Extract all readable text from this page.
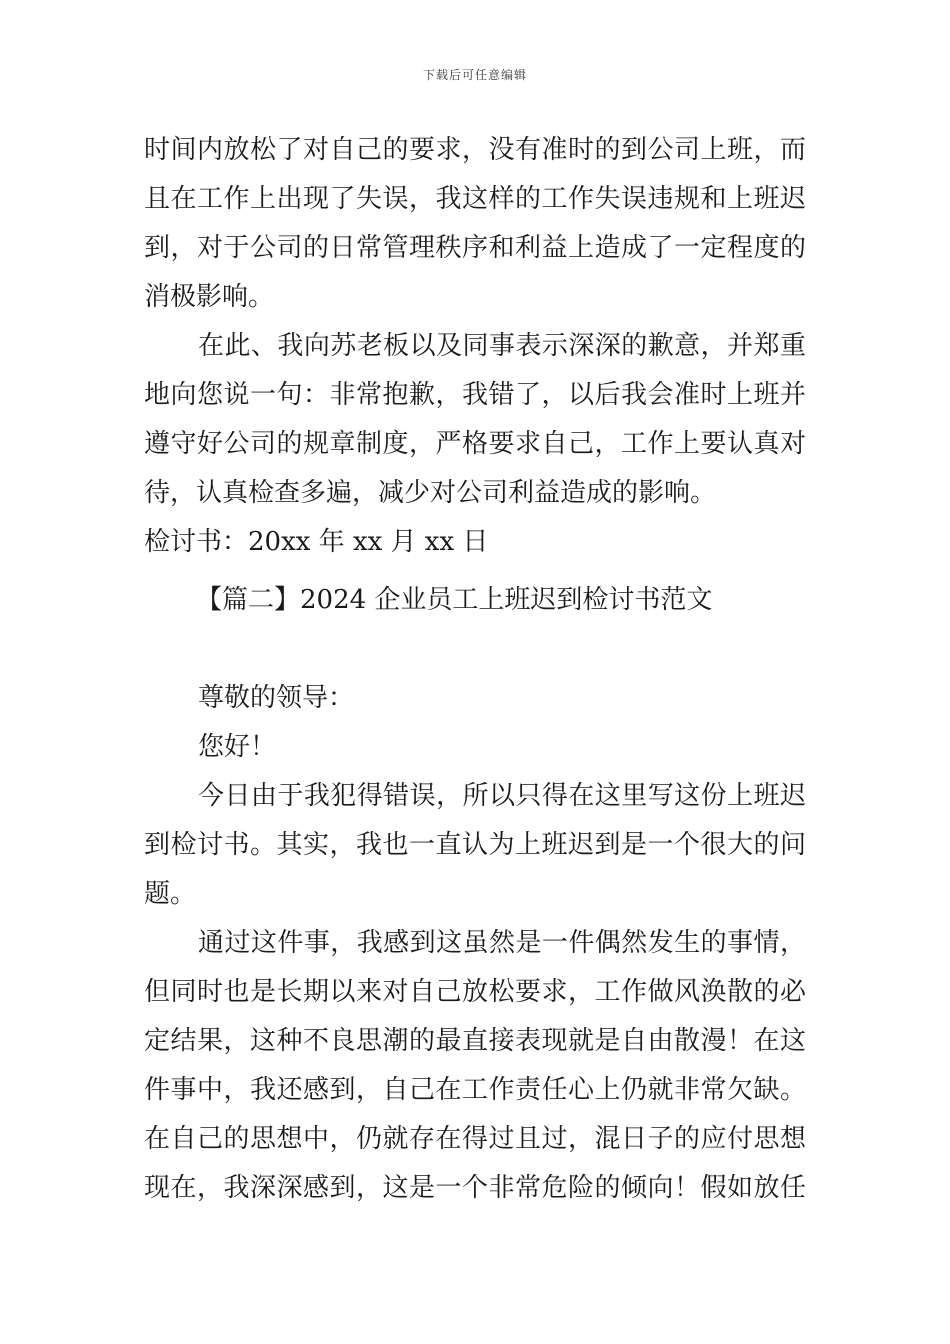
下载后可任意编辑
时间内放松了对自己的要求，没有准时的到公司上班，而
且在工作上出现了失误，我这样的工作失误违规和上班迟
到，对于公司的日常管理秩序和利益上造成了一定程度的
消极影响。
在此、我向苏老板以及同事表示深深的歉意，并郑重
地向您说一句：非常抱歉，我错了，以后我会准时上班并
遵守好公司的规章制度，严格要求自己，工作上要认真对
待，认真检查多遍，减少对公司利益造成的影响。
检讨书：20xx 年 xx 月 xx 日
【篇二】2024 企业员工上班迟到检讨书范文
尊敬的领导：
您好！
今日由于我犯得错误，所以只得在这里写这份上班迟
到检讨书。其实，我也一直认为上班迟到是一个很大的问
题。
通过这件事，我感到这虽然是一件偶然发生的事情，
但同时也是长期以来对自己放松要求，工作做风涣散的必
定结果，这种不良思潮的最直接表现就是自由散漫！在这
件事中，我还感到，自己在工作责任心上仍就非常欠缺。
在自己的思想中，仍就存在得过且过，混日子的应付思想
现在，我深深感到，这是一个非常危险的倾向！假如放任
